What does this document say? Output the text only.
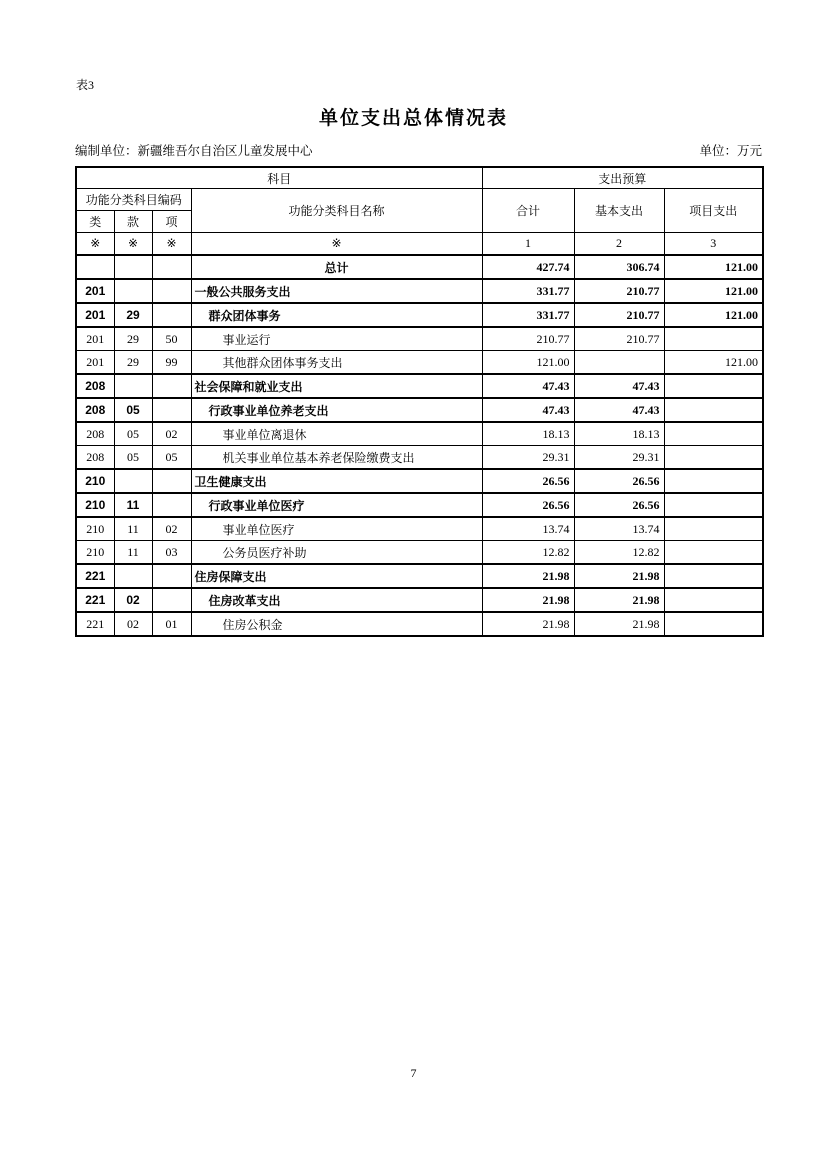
表3
单位支出总体情况表
编制单位：新疆维吾尔自治区儿童发展中心	单位：万元
科目				支出预算		
功能分类科目编码			功能分类科目名称	合计	基本支出	项目支出
类	款	项				
※	※	※	※	1	2	3
			总计	427.74	306.74	121.00
201			一般公共服务支出	331.77	210.77	121.00
201	29		群众团体事务	331.77	210.77	121.00
201	29	50	事业运行	210.77	210.77	
201	29	99	其他群众团体事务支出	121.00		121.00
208			社会保障和就业支出	47.43	47.43	
208	05		行政事业单位养老支出	47.43	47.43	
208	05	02	事业单位离退休	18.13	18.13	
208	05	05	机关事业单位基本养老保险缴费支出	29.31	29.31	
210			卫生健康支出	26.56	26.56	
210	11		行政事业单位医疗	26.56	26.56	
210	11	02	事业单位医疗	13.74	13.74	
210	11	03	公务员医疗补助	12.82	12.82	
221			住房保障支出	21.98	21.98	
221	02		住房改革支出	21.98	21.98	
221	02	01	住房公积金	21.98	21.98	
7
